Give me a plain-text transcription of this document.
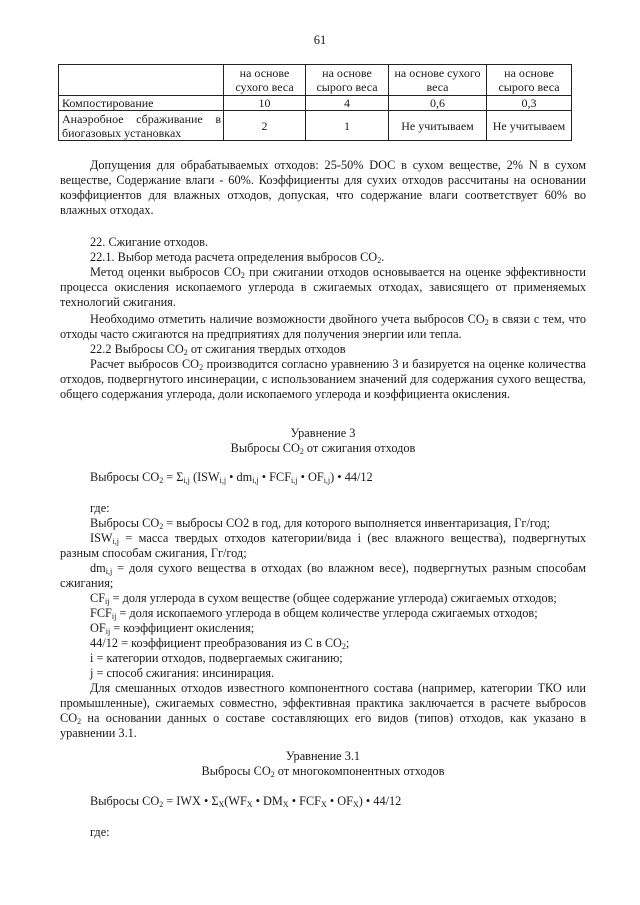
61
	на основе сухого веса	на основе сырого веса	на основе сухого веса	на основе сырого веса
Компостирование	10	4	0,6	0,3

Анаэробное сбраживание в
биогазовых установках	2	1	Не учитываем	Не учитываем

Допущения для обрабатываемых отходов: 25-50% DOC в сухом веществе, 2% N в сухом веществе, Содержание влаги - 60%. Коэффициенты для сухих отходов рассчитаны на основании коэффициентов для влажных отходов, допуская, что содержание влаги соответствует 60% во влажных отходах.

22. Сжигание отходов.

22.1. Выбор метода расчета определения выбросов $CO_2$.

Метод оценки выбросов $CO_2$ при сжигании отходов основывается на оценке эффективности процесса окисления ископаемого углерода в сжигаемых отходах, зависящего от применяемых технологий сжигания.

Необходимо отметить наличие возможности двойного учета выбросов $CO_2$ в связи с тем, что отходы часто сжигаются на предприятиях для получения энергии или тепла.

22.2 Выбросы $CO_2$ от сжигания твердых отходов

Расчет выбросов $CO_2$ производится согласно уравнению 3 и базируется на оценке количества отходов, подвергнутого инсинерации, с использованием значений для содержания сухого вещества, общего содержания углерода, доли ископаемого углерода и коэффициента окисления.

Уравнение 3

Выбросы $CO_2$ от сжигания отходов

Выбросы $CO_2 = \Sigma_{i,j}$ ($ISW_{i,j}$ • $dm_{i,j}$ • $FCF_{i,j}$ • $OF_{i,j}$) • 44/12

где:

Выбросы $CO_2$ = выбросы CO2 в год, для которого выполняется инвентаризация, Гг/год;

$ISW_{i,j}$ = масса твердых отходов категории/вида i (вес влажного вещества), подвергнутых разным способам сжигания, Гг/год;

$dm_{i,j}$ = доля сухого вещества в отходах (во влажном весе), подвергнутых разным способам сжигания;

$CF_{ij}$ = доля углерода в сухом веществе (общее содержание углерода) сжигаемых отходов;

$FCF_{ij}$ = доля ископаемого углерода в общем количестве углерода сжигаемых отходов;

$OF_{ij}$ = коэффициент окисления;

44/12 = коэффициент преобразования из C в $CO_2$;

i = категории отходов, подвергаемых сжиганию;

j = способ сжигания: инсинирация.

Для смешанных отходов известного компонентного состава (например, категории ТКО или промышленные), сжигаемых совместно, эффективная практика заключается в расчете выбросов $CO_2$ на основании данных о составе составляющих его видов (типов) отходов, как указано в уравнении 3.1.

Уравнение 3.1

Выбросы $CO_2$ от многокомпонентных отходов

Выбросы $CO_2$ = IWX • $\Sigma_X(WF_X$ • $DM_X$ • $FCF_X$ • $OF_X$) • 44/12

где:
